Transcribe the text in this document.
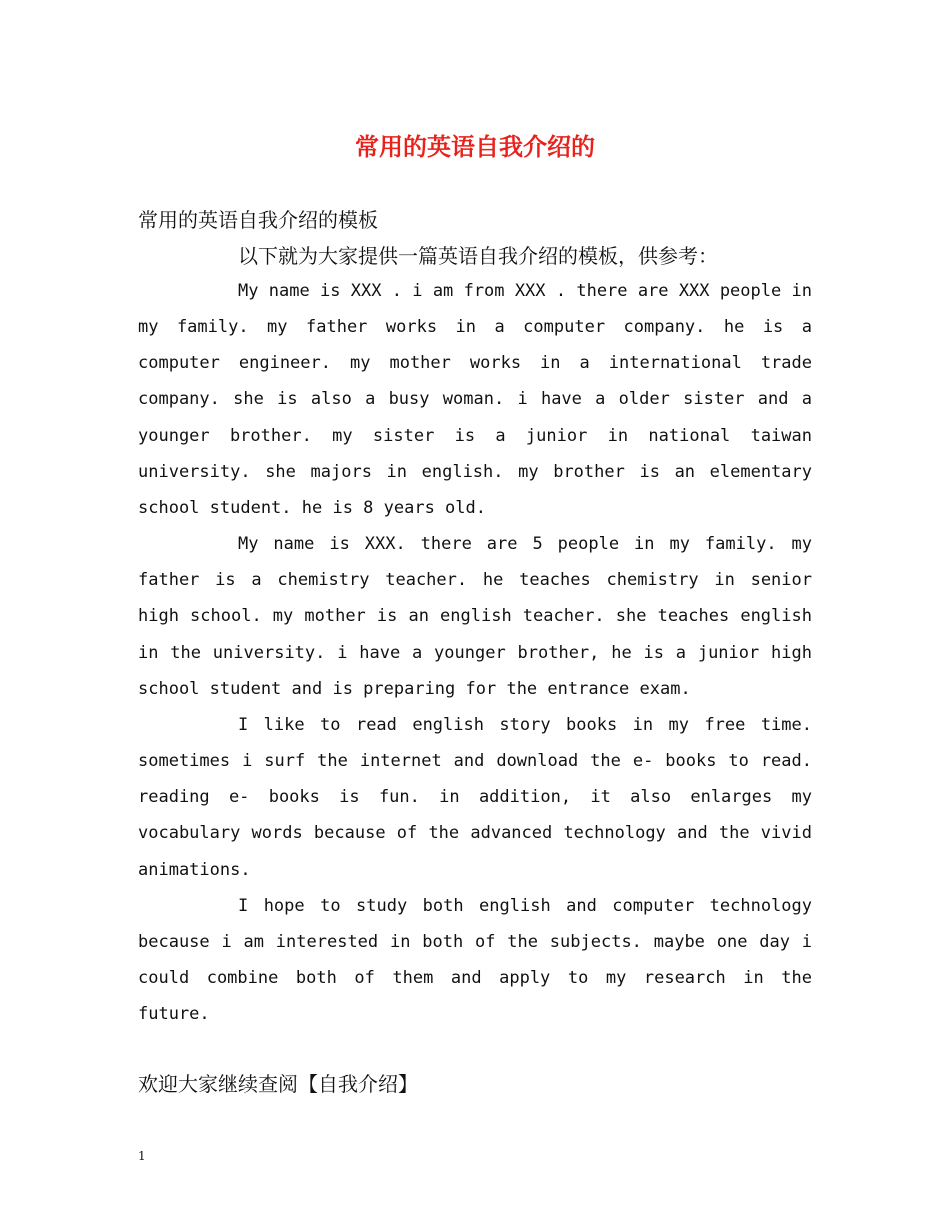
常用的英语自我介绍的
常用的英语自我介绍的模板
以下就为大家提供一篇英语自我介绍的模板，供参考：

My name is XXX . i am from XXX . there are XXX people in my family. my father works in a computer company. he is a computer engineer. my mother works in a international trade company. she is also a busy woman. i have a older sister and a younger brother. my sister is a junior in national taiwan university. she majors in english. my brother is an elementary school student. he is 8 years old.

My name is XXX. there are 5 people in my family. my father is a chemistry teacher. he teaches chemistry in senior high school. my mother is an english teacher. she teaches english in the university. i have a younger brother, he is a junior high school student and is preparing for the entrance exam.

I like to read english story books in my free time. sometimes i surf the internet and download the e- books to read. reading e- books is fun. in addition, it also enlarges my vocabulary words because of the advanced technology and the vivid animations.

I hope to study both english and computer technology because i am interested in both of the subjects. maybe one day i could combine both of them and apply to my research in the future.

欢迎大家继续查阅【自我介绍】
1
